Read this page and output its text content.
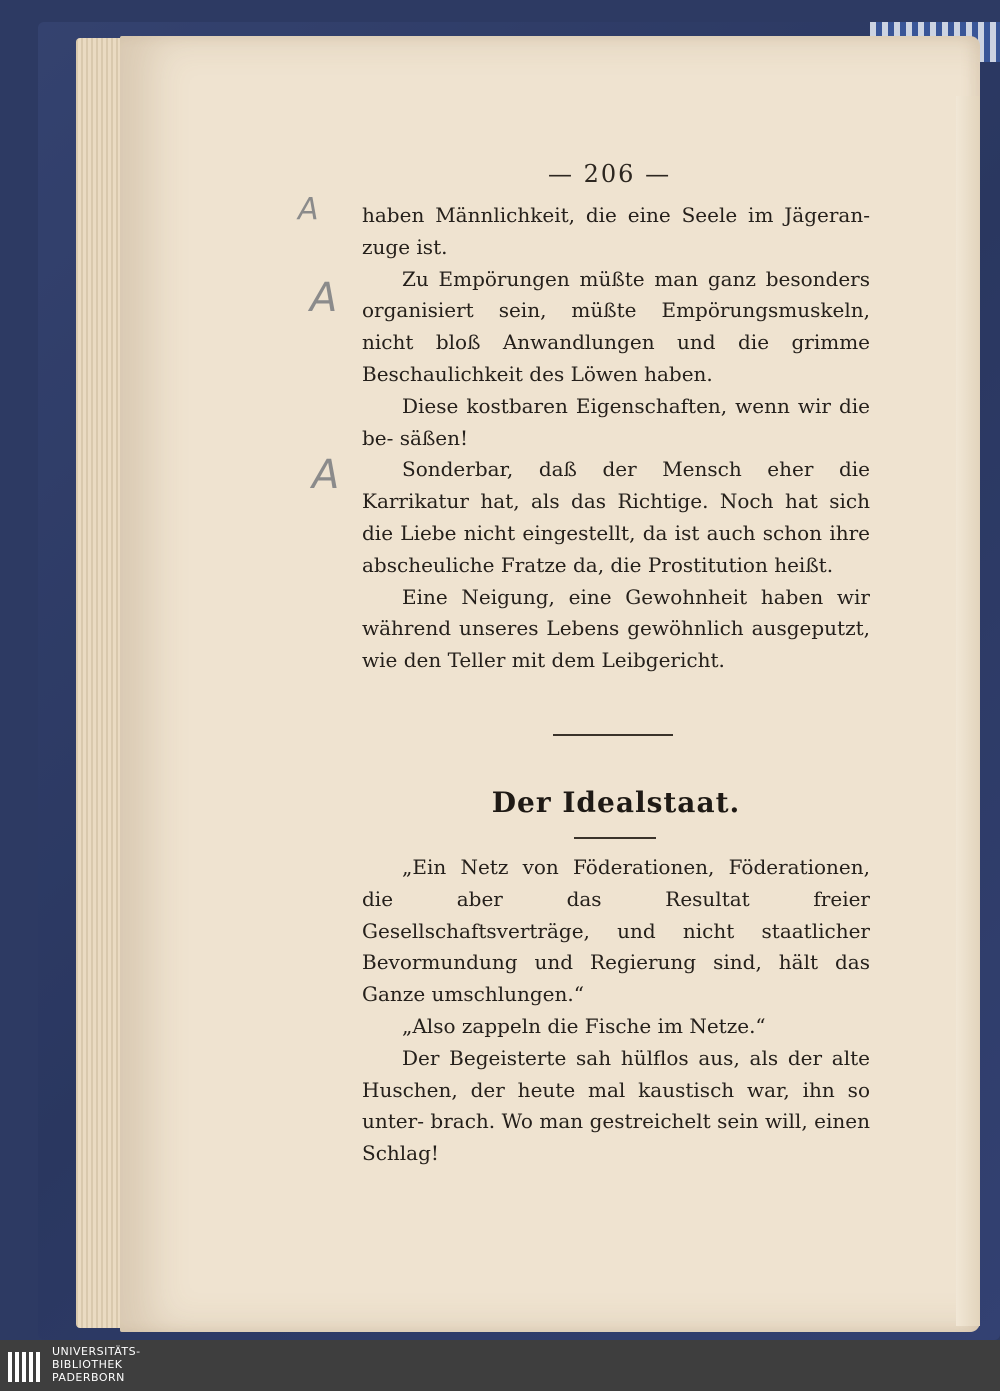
— 206 —
A
A
A

haben Männlichkeit, die eine Seele im Jägeran- zuge ist.

Zu Empörungen müßte man ganz besonders organisiert sein, müßte Empörungsmuskeln, nicht bloß Anwandlungen und die grimme Beschaulichkeit des Löwen haben.

Diese kostbaren Eigenschaften, wenn wir die be- säßen!

Sonderbar, daß der Mensch eher die Karrikatur hat, als das Richtige. Noch hat sich die Liebe nicht eingestellt, da ist auch schon ihre abscheuliche Fratze da, die Prostitution heißt.

Eine Neigung, eine Gewohnheit haben wir während unseres Lebens gewöhnlich ausgeputzt, wie den Teller mit dem Leibgericht.

Der Idealstaat.

„Ein Netz von Föderationen, Föderationen, die aber das Resultat freier Gesellschaftsverträge, und nicht staatlicher Bevormundung und Regierung sind, hält das Ganze umschlungen.“

„Also zappeln die Fische im Netze.“

Der Begeisterte sah hülflos aus, als der alte Huschen, der heute mal kaustisch war, ihn so unter- brach. Wo man gestreichelt sein will, einen Schlag!

UNIVERSITÄTS-
BIBLIOTHEK
PADERBORN
